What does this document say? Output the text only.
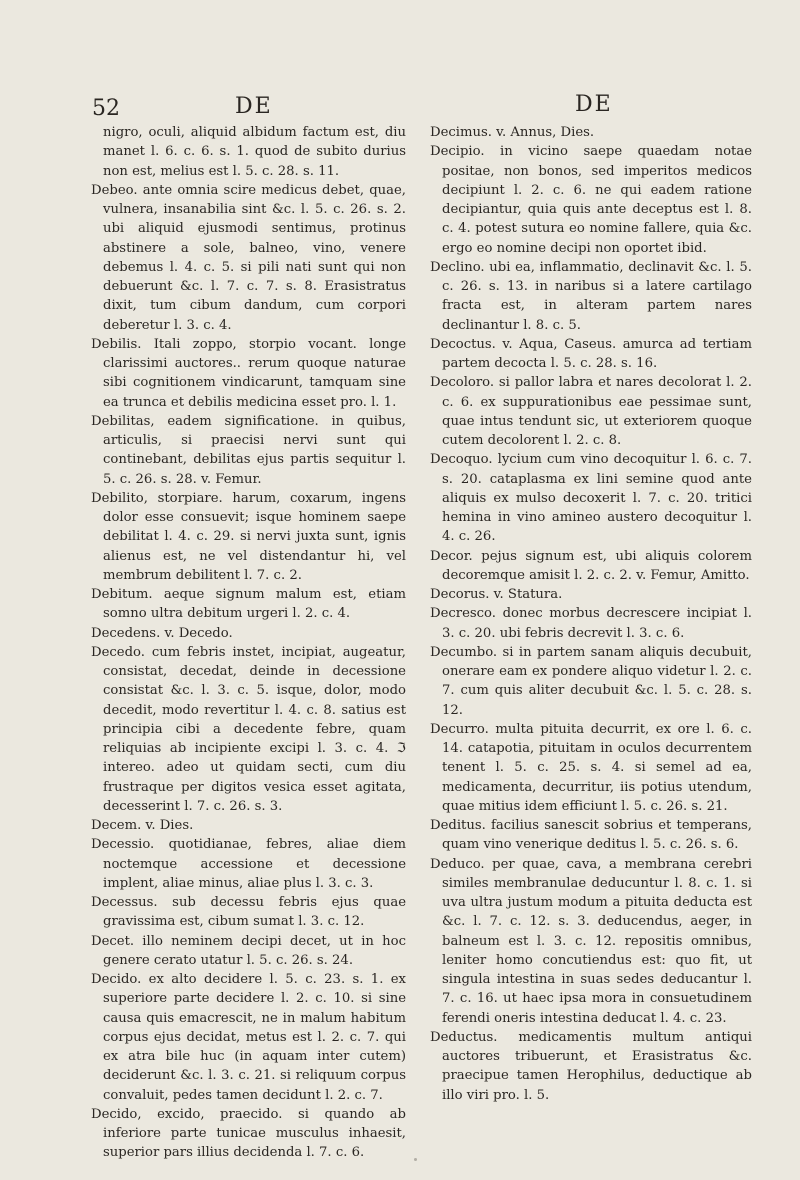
52	DE	DE

nigro, oculi, aliquid albidum factum est, diu manet l. 6. c. 6. s. 1. quod de subito durius non est, melius est l. 5. c. 28. s. 11.

Debeo. ante omnia scire medicus debet, quae, vulnera, insanabilia sint &c. l. 5. c. 26. s. 2. ubi aliquid ejusmodi sentimus, protinus abstinere a sole, balneo, vino, venere debemus l. 4. c. 5. si pili nati sunt qui non debuerunt &c. l. 7. c. 7. s. 8. Erasistratus dixit, tum cibum dandum, cum corpori deberetur l. 3. c. 4.

Debilis. Itali zoppo, storpio vocant. longe clarissimi auctores.. rerum quoque naturae sibi cognitionem vindicarunt, tamquam sine ea trunca et debilis medicina esset pro. l. 1.

Debilitas, eadem significatione. in quibus, articulis, si praecisi nervi sunt qui continebant, debilitas ejus partis sequitur l. 5. c. 26. s. 28. v. Femur.

Debilito, storpiare. harum, coxarum, ingens dolor esse consuevit; isque hominem saepe debilitat l. 4. c. 29. si nervi juxta sunt, ignis alienus est, ne vel distendantur hi, vel membrum debilitent l. 7. c. 2.

Debitum. aeque signum malum est, etiam somno ultra debitum urgeri l. 2. c. 4.

Decedens. v. Decedo.

Decedo. cum febris instet, incipiat, augeatur, consistat, decedat, deinde in decessione consistat &c. l. 3. c. 5. isque, dolor, modo decedit, modo revertitur l. 4. c. 8. satius est principia cibi a decedente febre, quam reliquias ab incipiente excipi l. 3. c. 4. ℑ intereo. adeo ut quidam secti, cum diu frustraque per digitos vesica esset agitata, decesserint l. 7. c. 26. s. 3.

Decem. v. Dies.

Decessio. quotidianae, febres, aliae diem noctemque accessione et decessione implent, aliae minus, aliae plus l. 3. c. 3.

Decessus. sub decessu febris ejus quae gravissima est, cibum sumat l. 3. c. 12.

Decet. illo neminem decipi decet, ut in hoc genere cerato utatur l. 5. c. 26. s. 24.

Decido. ex alto decidere l. 5. c. 23. s. 1. ex superiore parte decidere l. 2. c. 10. si sine causa quis emacrescit, ne in malum habitum corpus ejus decidat, metus est l. 2. c. 7. qui ex atra bile huc (in aquam inter cutem) deciderunt &c. l. 3. c. 21. si reliquum corpus convaluit, pedes tamen decidunt l. 2. c. 7.

Decido, excido, praecido. si quando ab inferiore parte tunicae musculus inhaesit, superior pars illius decidenda l. 7. c. 6.

Decimus. v. Annus, Dies.

Decipio. in vicino saepe quaedam notae positae, non bonos, sed imperitos medicos decipiunt l. 2. c. 6. ne qui eadem ratione decipiantur, quia quis ante deceptus est l. 8. c. 4. potest sutura eo nomine fallere, quia &c. ergo eo nomine decipi non oportet ibid.

Declino. ubi ea, inflammatio, declinavit &c. l. 5. c. 26. s. 13. in naribus si a latere cartilago fracta est, in alteram partem nares declinantur l. 8. c. 5.

Decoctus. v. Aqua, Caseus. amurca ad tertiam partem decocta l. 5. c. 28. s. 16.

Decoloro. si pallor labra et nares decolorat l. 2. c. 6. ex suppurationibus eae pessimae sunt, quae intus tendunt sic, ut exteriorem quoque cutem decolorent l. 2. c. 8.

Decoquo. lycium cum vino decoquitur l. 6. c. 7. s. 20. cataplasma ex lini semine quod ante aliquis ex mulso decoxerit l. 7. c. 20. tritici hemina in vino amineo austero decoquitur l. 4. c. 26.

Decor. pejus signum est, ubi aliquis colorem decoremque amisit l. 2. c. 2. v. Femur, Amitto.

Decorus. v. Statura.

Decresco. donec morbus decrescere incipiat l. 3. c. 20. ubi febris decrevit l. 3. c. 6.

Decumbo. si in partem sanam aliquis decubuit, onerare eam ex pondere aliquo videtur l. 2. c. 7. cum quis aliter decubuit &c. l. 5. c. 28. s. 12.

Decurro. multa pituita decurrit, ex ore l. 6. c. 14. catapotia, pituitam in oculos decurrentem tenent l. 5. c. 25. s. 4. si semel ad ea, medicamenta, decurritur, iis potius utendum, quae mitius idem efficiunt l. 5. c. 26. s. 21.

Deditus. facilius sanescit sobrius et temperans, quam vino venerique deditus l. 5. c. 26. s. 6.

Deduco. per quae, cava, a membrana cerebri similes membranulae deducuntur l. 8. c. 1. si uva ultra justum modum a pituita deducta est &c. l. 7. c. 12. s. 3. deducendus, aeger, in balneum est l. 3. c. 12. repositis omnibus, leniter homo concutiendus est: quo fit, ut singula intestina in suas sedes deducantur l. 7. c. 16. ut haec ipsa mora in consuetudinem ferendi oneris intestina deducat l. 4. c. 23.

Deductus. medicamentis multum antiqui auctores tribuerunt, et Erasistratus &c. praecipue tamen Herophilus, deductique ab illo viri pro. l. 5.
